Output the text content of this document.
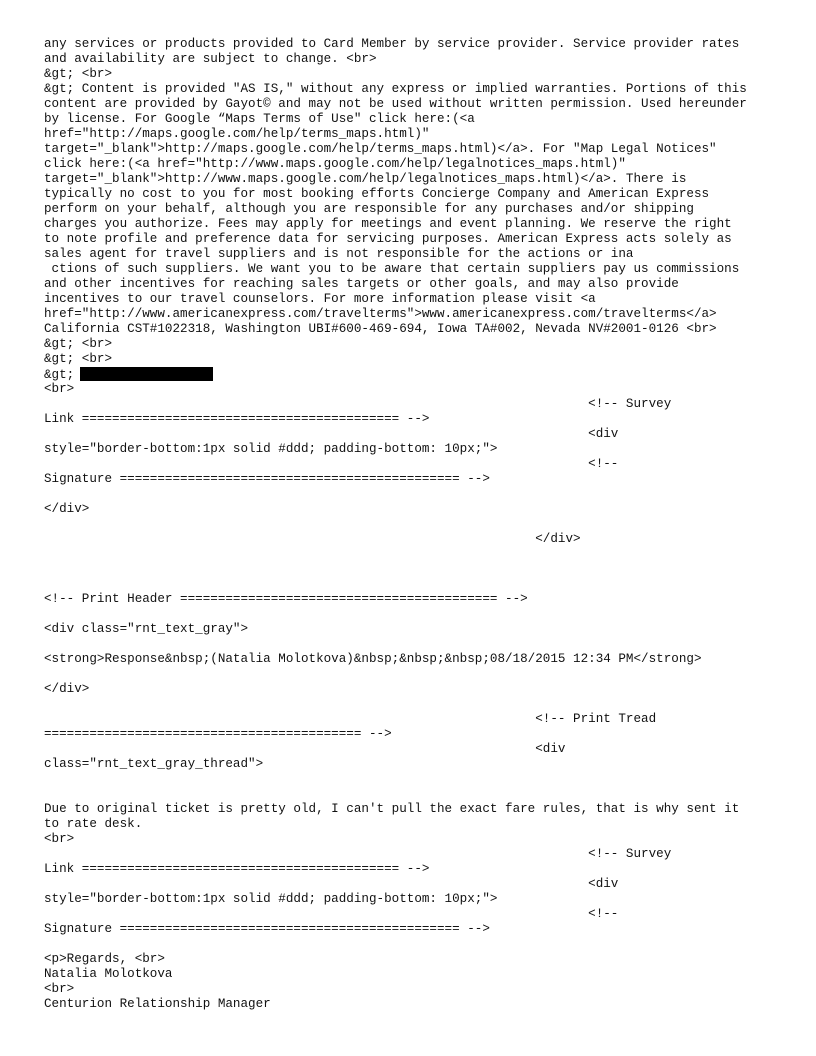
any services or products provided to Card Member by service provider. Service provider rates
and availability are subject to change. <br>
&gt; <br>
&gt; Content is provided "AS IS," without any express or implied warranties. Portions of this
content are provided by Gayot© and may not be used without written permission. Used hereunder
by license. For Google “Maps Terms of Use" click here:(<a
href="http://maps.google.com/help/terms_maps.html)"
target="_blank">http://maps.google.com/help/terms_maps.html)</a>. For "Map Legal Notices"
click here:(<a href="http://www.maps.google.com/help/legalnotices_maps.html)"
target="_blank">http://www.maps.google.com/help/legalnotices_maps.html)</a>. There is
typically no cost to you for most booking efforts Concierge Company and American Express
perform on your behalf, although you are responsible for any purchases and/or shipping
charges you authorize. Fees may apply for meetings and event planning. We reserve the right
to note profile and preference data for servicing purposes. American Express acts solely as
sales agent for travel suppliers and is not responsible for the actions or ina
ctions of such suppliers. We want you to be aware that certain suppliers pay us commissions
and other incentives for reaching sales targets or other goals, and may also provide
incentives to our travel counselors. For more information please visit <a
href="http://www.americanexpress.com/travelterms">www.americanexpress.com/travelterms</a>
California CST#1022318, Washington UBI#600-469-694, Iowa TA#002, Nevada NV#2001-0126 <br>
&gt; <br>
&gt; <br>
&gt;
<br>
<!-- Survey
Link ========================================== -->
<div
style="border-bottom:1px solid #ddd; padding-bottom: 10px;">
<!--
Signature ============================================= -->
</div>
</div>
<!-- Print Header ========================================== -->
<div class="rnt_text_gray">
<strong>Response&nbsp;(Natalia Molotkova)&nbsp;&nbsp;&nbsp;08/18/2015 12:34 PM</strong>
</div>
<!-- Print Tread
========================================== -->
<div
class="rnt_text_gray_thread">
Due to original ticket is pretty old, I can't pull the exact fare rules, that is why sent it
to rate desk.
<br>
<!-- Survey
Link ========================================== -->
<div
style="border-bottom:1px solid #ddd; padding-bottom: 10px;">
<!--
Signature ============================================= -->
<p>Regards, <br>
Natalia Molotkova
<br>
Centurion Relationship Manager
